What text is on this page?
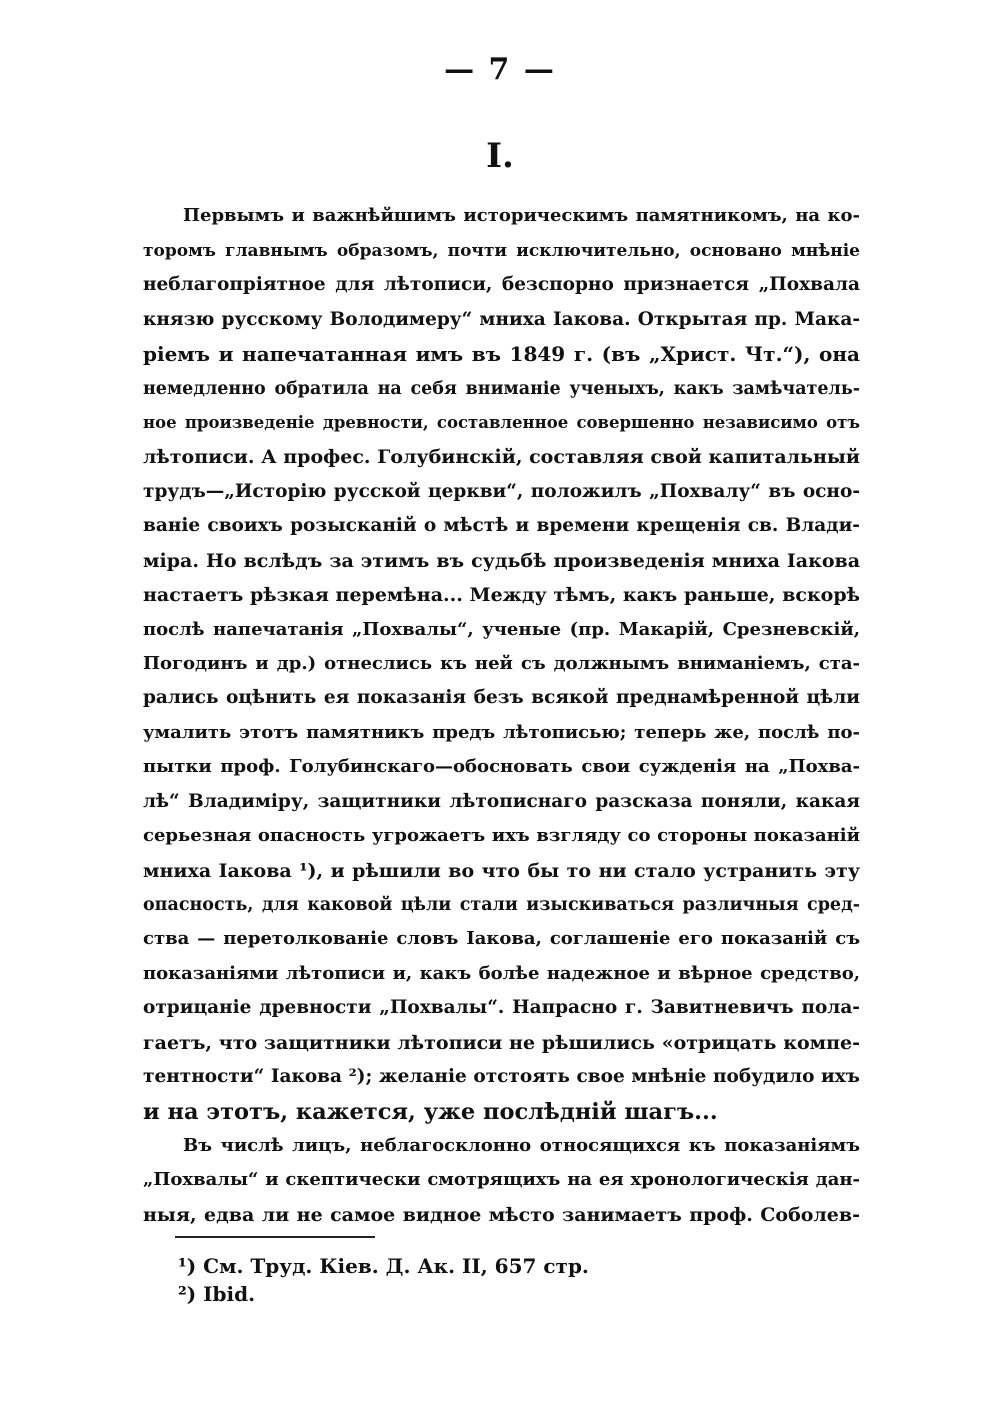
— 7 —
I.
Первымъ и важнѣйшимъ историческимъ памятникомъ, на ко-
торомъ главнымъ образомъ, почти исключительно, основано мнѣніе
неблагопріятное для лѣтописи, безспорно признается „Похвала
князю русскому Володимеру“ мниха Іакова. Открытая пр. Мака-
ріемъ и напечатанная имъ въ 1849 г. (въ „Христ. Чт.“), она
немедленно обратила на себя вниманіе ученыхъ, какъ замѣчатель-
ное произведеніе древности, составленное совершенно независимо отъ
лѣтописи. А профес. Голубинскій, составляя свой капитальный
трудъ—„Исторію русской церкви“, положилъ „Похвалу“ въ осно-
ваніе своихъ розысканій о мѣстѣ и времени крещенія св. Влади-
міра. Но вслѣдъ за этимъ въ судьбѣ произведенія мниха Іакова
настаетъ рѣзкая перемѣна... Между тѣмъ, какъ раньше, вскорѣ
послѣ напечатанія „Похвалы“, ученые (пр. Макарій, Срезневскій,
Погодинъ и др.) отнеслись къ ней съ должнымъ вниманіемъ, ста-
рались оцѣнить ея показанія безъ всякой преднамѣренной цѣли
умалить этотъ памятникъ предъ лѣтописью; теперь же, послѣ по-
пытки проф. Голубинскаго—обосновать свои сужденія на „Похва-
лѣ“ Владиміру, защитники лѣтописнаго разсказа поняли, какая
серьезная опасность угрожаетъ ихъ взгляду со стороны показаній
мниха Іакова ¹), и рѣшили во что бы то ни стало устранить эту
опасность, для каковой цѣли стали изыскиваться различныя сред-
ства — перетолкованіе словъ Іакова, соглашеніе его показаній съ
показаніями лѣтописи и, какъ болѣе надежное и вѣрное средство,
отрицаніе древности „Похвалы“. Напрасно г. Завитневичъ пола-
гаетъ, что защитники лѣтописи не рѣшились «отрицать компе-
тентности“ Іакова ²); желаніе отстоять свое мнѣніе побудило ихъ
и на этотъ, кажется, уже послѣдній шагъ...
Въ числѣ лицъ, неблагосклонно относящихся къ показаніямъ
„Похвалы“ и скептически смотрящихъ на ея хронологическія дан-
ныя, едва ли не самое видное мѣсто занимаетъ проф. Соболев-
¹) См. Труд. Кіев. Д. Ак. II, 657 стр.
²) Ibid.
